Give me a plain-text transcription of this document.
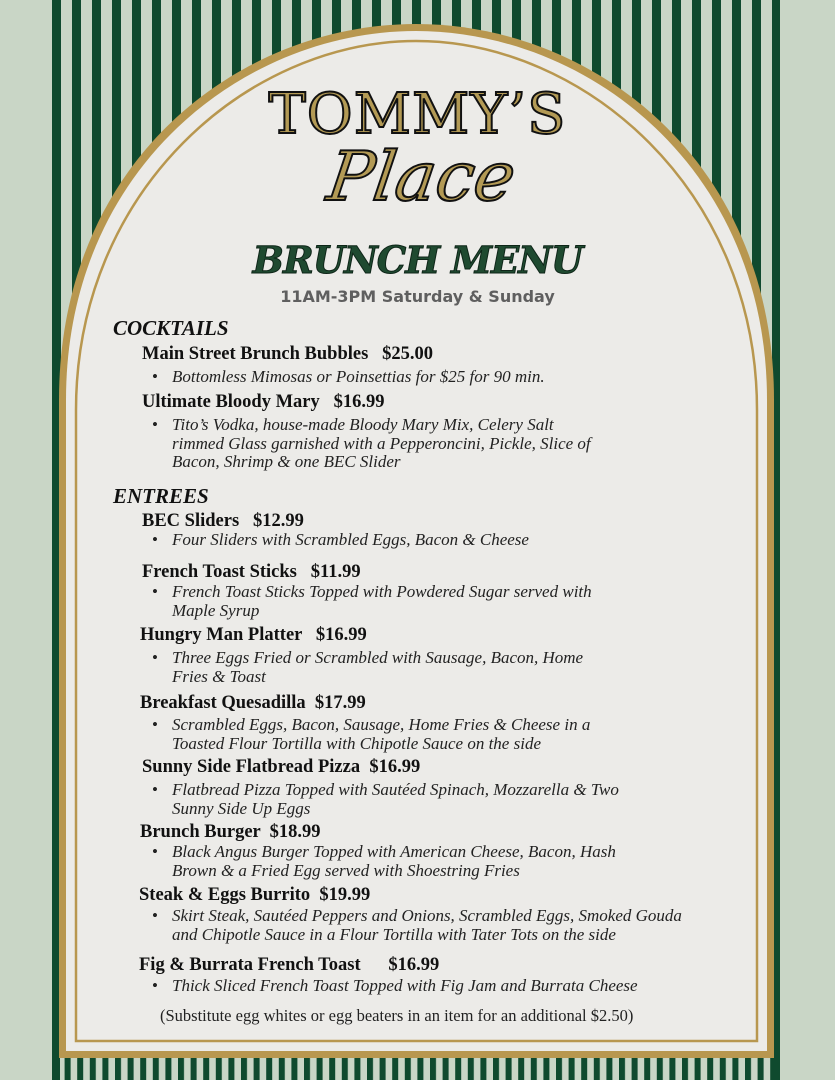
TOMMY’S
Place
BRUNCH MENU
11AM-3PM Saturday & Sunday
COCKTAILS
Main Street Brunch Bubbles   $25.00
• Bottomless Mimosas or Poinsettias for $25 for 90 min.
Ultimate Bloody Mary   $16.99
• Tito’s Vodka, house-made Bloody Mary Mix, Celery Salt
rimmed Glass garnished with a Pepperoncini, Pickle, Slice of
Bacon, Shrimp & one BEC Slider
ENTREES
BEC Sliders   $12.99
• Four Sliders with Scrambled Eggs, Bacon & Cheese
French Toast Sticks   $11.99
• French Toast Sticks Topped with Powdered Sugar served with
Maple Syrup
Hungry Man Platter   $16.99
• Three Eggs Fried or Scrambled with Sausage, Bacon, Home
Fries & Toast
Breakfast Quesadilla  $17.99
• Scrambled Eggs, Bacon, Sausage, Home Fries & Cheese in a
Toasted Flour Tortilla with Chipotle Sauce on the side
Sunny Side Flatbread Pizza  $16.99
• Flatbread Pizza Topped with Sautéed Spinach, Mozzarella & Two
Sunny Side Up Eggs
Brunch Burger  $18.99
• Black Angus Burger Topped with American Cheese, Bacon, Hash
Brown & a Fried Egg served with Shoestring Fries
Steak & Eggs Burrito  $19.99
• Skirt Steak, Sautéed Peppers and Onions, Scrambled Eggs, Smoked Gouda
and Chipotle Sauce in a Flour Tortilla with Tater Tots on the side
Fig & Burrata French Toast      $16.99
• Thick Sliced French Toast Topped with Fig Jam and Burrata Cheese
(Substitute egg whites or egg beaters in an item for an additional $2.50)
